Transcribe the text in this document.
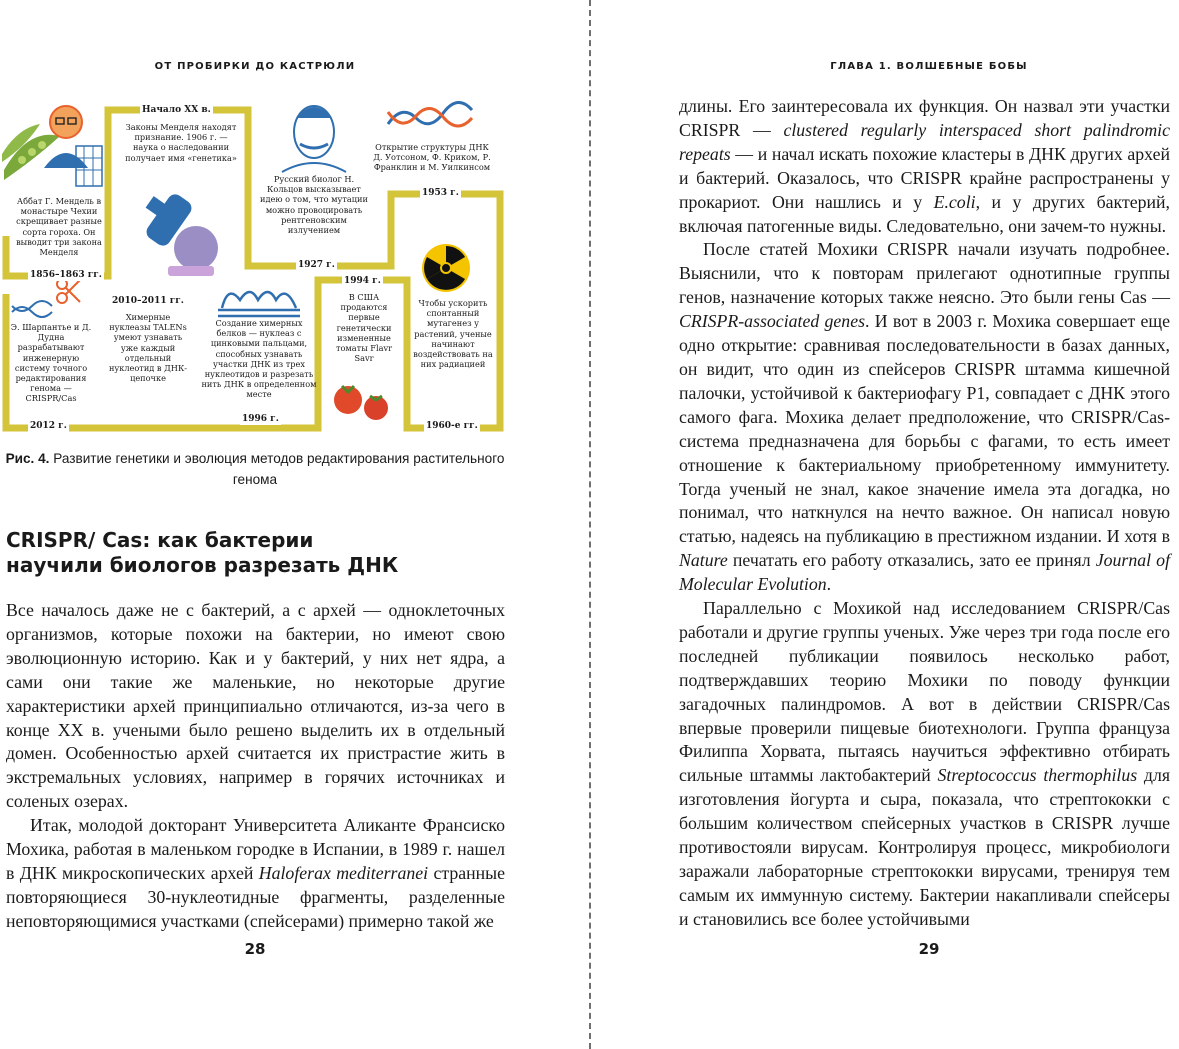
ОТ ПРОБИРКИ ДО КАСТРЮЛИ
Аббат Г. Мендель в монастыре Чехии скрещивает разные сорта гороха. Он выводит три закона Менделя
1856–1863 гг.
Начало XX в.
Законы Менделя находят признание. 1906 г. — наука о наследовании получает имя «генетика»
Русский биолог Н. Кольцов высказывает идею о том, что мутации можно провоцировать рентгеновским излучением
1927 г.
Открытие структуры ДНК Д. Уотсоном, Ф. Криком, Р. Франклин и М. Уилкинсом
1953 г.
Чтобы ускорить спонтанный мутагенез у растений, ученые начинают воздействовать на них радиацией
1960-е гг.
1994 г.
В США продаются первые генетически измененные томаты Flavr Savr
Создание химерных белков — нуклеаз с цинковыми пальцами, способных узнавать участки ДНК из трех нуклеотидов и разрезать нить ДНК в определенном месте
1996 г.
2010–2011 гг.
Химерные нуклеазы TALENs умеют узнавать уже каждый отдельный нуклеотид в ДНК-цепочке
Э. Шарпантье и Д. Дудна разрабатывают инженерную систему точного редактирования генома — CRISPR/Cas
2012 г.
Рис. 4. Развитие генетики и эволюция методов редактирования растительного генома
CRISPR/ Cas: как бактерии
научили биологов разрезать ДНК

Все началось даже не с бактерий, а с архей — одноклеточных организмов, которые похожи на бактерии, но имеют свою эволюционную историю. Как и у бактерий, у них нет ядра, а сами они такие же маленькие, но некоторые другие характеристики архей принципиально отличаются, из-за чего в конце XX в. учеными было решено выделить их в отдельный домен. Особенностью архей считается их пристрастие жить в экстремальных условиях, например в горячих источниках и соленых озерах.

Итак, молодой докторант Университета Аликанте Франсиско Мохика, работая в маленьком городке в Испании, в 1989 г. нашел в ДНК микроскопических архей Haloferax mediterranei странные повторяющиеся 30-нуклеотидные фрагменты, разделенные неповторяющимися участками (спейсерами) примерно такой же

28
ГЛАВА 1. ВОЛШЕБНЫЕ БОБЫ

длины. Его заинтересовала их функция. Он назвал эти участки CRISPR — clustered regularly interspaced short palindromic repeats — и начал искать похожие кластеры в ДНК других архей и бактерий. Оказалось, что CRISPR крайне распространены у прокариот. Они нашлись и у E.coli, и у других бактерий, включая патогенные виды. Следовательно, они зачем-то нужны.

После статей Мохики CRISPR начали изучать подробнее. Выяснили, что к повторам прилегают однотипные группы генов, назначение которых также неясно. Это были гены Cas — CRISPR-associated genes. И вот в 2003 г. Мохика совершает еще одно открытие: сравнивая последовательности в базах данных, он видит, что один из спейсеров CRISPR штамма кишечной палочки, устойчивой к бактериофагу P1, совпадает с ДНК этого самого фага. Мохика делает предположение, что CRISPR/Cas-система предназначена для борьбы с фагами, то есть имеет отношение к бактериальному приобретенному иммунитету. Тогда ученый не знал, какое значение имела эта догадка, но понимал, что наткнулся на нечто важное. Он написал новую статью, надеясь на публикацию в престижном издании. И хотя в Nature печатать его работу отказались, зато ее принял Journal of Molecular Evolution.

Параллельно с Мохикой над исследованием CRISPR/Cas работали и другие группы ученых. Уже через три года после его последней публикации появилось несколько работ, подтверждавших теорию Мохики по поводу функции загадочных палиндромов. А вот в действии CRISPR/Cas впервые проверили пищевые биотехнологи. Группа француза Филиппа Хорвата, пытаясь научиться эффективно отбирать сильные штаммы лактобактерий Streptococcus thermophilus для изготовления йогурта и сыра, показала, что стрептококки с большим количеством спейсерных участков в CRISPR лучше противостояли вирусам. Контролируя процесс, микробиологи заражали лабораторные стрептококки вирусами, тренируя тем самым их иммунную систему. Бактерии накапливали спейсеры и становились все более устойчивыми

29
